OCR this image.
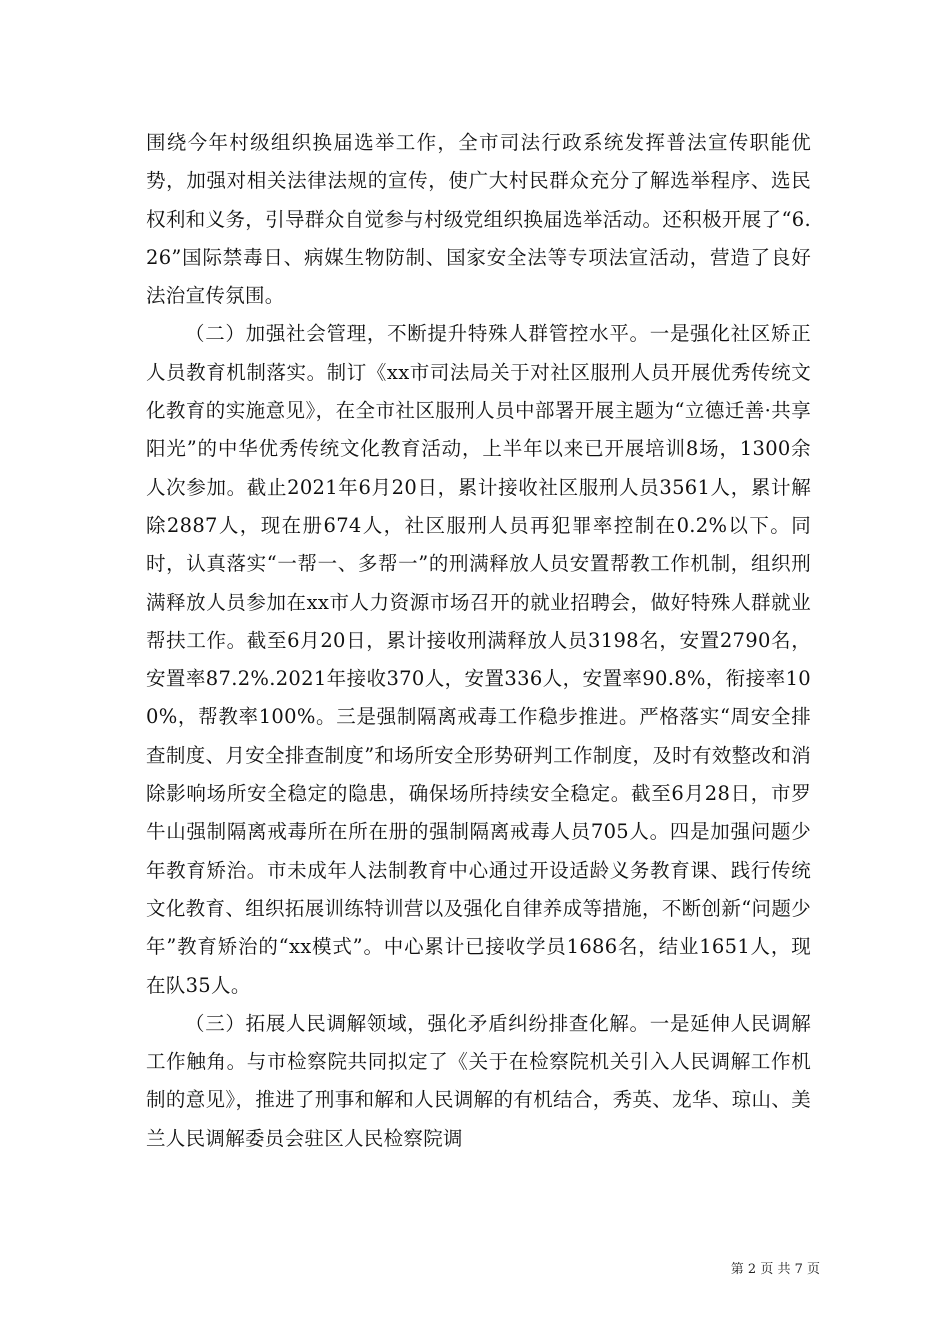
围绕今年村级组织换届选举工作，全市司法行政系统发挥普法宣传职能优势，加强对相关法律法规的宣传，使广大村民群众充分了解选举程序、选民权利和义务，引导群众自觉参与村级党组织换届选举活动。还积极开展了“6.26”国际禁毒日、病媒生物防制、国家安全法等专项法宣活动，营造了良好法治宣传氛围。

（二）加强社会管理，不断提升特殊人群管控水平。一是强化社区矫正人员教育机制落实。制订《xx市司法局关于对社区服刑人员开展优秀传统文化教育的实施意见》，在全市社区服刑人员中部署开展主题为“立德迁善·共享阳光”的中华优秀传统文化教育活动，上半年以来已开展培训8场，1300余人次参加。截止2021年6月20日，累计接收社区服刑人员3561人，累计解除2887人，现在册674人，社区服刑人员再犯罪率控制在0.2%以下。同时，认真落实“一帮一、多帮一”的刑满释放人员安置帮教工作机制，组织刑满释放人员参加在xx市人力资源市场召开的就业招聘会，做好特殊人群就业帮扶工作。截至6月20日，累计接收刑满释放人员3198名，安置2790名，安置率87.2%.2021年接收370人，安置336人，安置率90.8%，衔接率100%，帮教率100%。三是强制隔离戒毒工作稳步推进。严格落实“周安全排查制度、月安全排查制度”和场所安全形势研判工作制度，及时有效整改和消除影响场所安全稳定的隐患，确保场所持续安全稳定。截至6月28日，市罗牛山强制隔离戒毒所在所在册的强制隔离戒毒人员705人。四是加强问题少年教育矫治。市未成年人法制教育中心通过开设适龄义务教育课、践行传统文化教育、组织拓展训练特训营以及强化自律养成等措施，不断创新“问题少年”教育矫治的“xx模式”。中心累计已接收学员1686名，结业1651人，现在队35人。

（三）拓展人民调解领域，强化矛盾纠纷排查化解。一是延伸人民调解工作触角。与市检察院共同拟定了《关于在检察院机关引入人民调解工作机制的意见》，推进了刑事和解和人民调解的有机结合，秀英、龙华、琼山、美兰人民调解委员会驻区人民检察院调

第 2 页 共 7 页
